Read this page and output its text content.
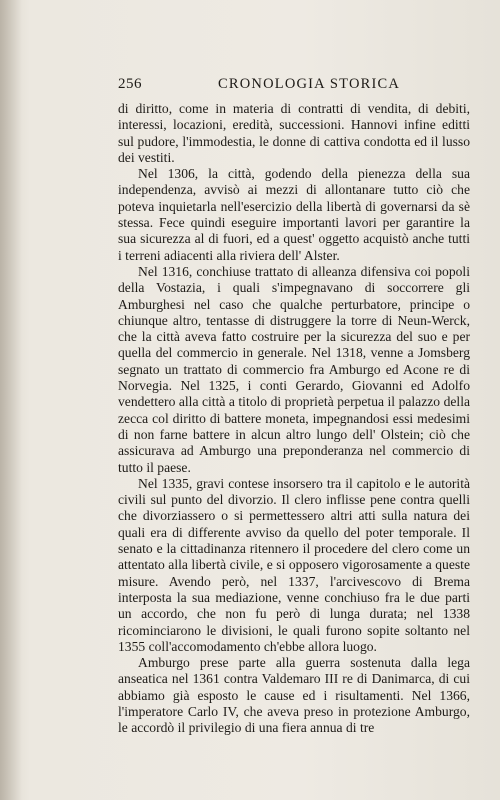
256	CRONOLOGIA STORICA

di diritto, come in materia di contratti di vendita, di debiti, interessi, locazioni, eredità, successioni. Hannovi infine editti sul pudore, l'immodestia, le donne di cattiva condotta ed il lusso dei vestiti.

Nel 1306, la città, godendo della pienezza della sua independenza, avvisò ai mezzi di allontanare tutto ciò che poteva inquietarla nell'esercizio della libertà di governarsi da sè stessa. Fece quindi eseguire importanti lavori per garantire la sua sicurezza al di fuori, ed a quest' oggetto acquistò anche tutti i terreni adiacenti alla riviera dell' Alster.

Nel 1316, conchiuse trattato di alleanza difensiva coi popoli della Vostazia, i quali s'impegnavano di soccorrere gli Amburghesi nel caso che qualche perturbatore, principe o chiunque altro, tentasse di distruggere la torre di Neun-Werck, che la città aveva fatto costruire per la sicurezza del suo e per quella del commercio in generale. Nel 1318, venne a Jomsberg segnato un trattato di commercio fra Amburgo ed Acone re di Norvegia. Nel 1325, i conti Gerardo, Giovanni ed Adolfo vendettero alla città a titolo di proprietà perpetua il palazzo della zecca col diritto di battere moneta, impegnandosi essi medesimi di non farne battere in alcun altro lungo dell' Olstein; ciò che assicurava ad Amburgo una preponderanza nel commercio di tutto il paese.

Nel 1335, gravi contese insorsero tra il capitolo e le autorità civili sul punto del divorzio. Il clero inflisse pene contra quelli che divorziassero o si permettessero altri atti sulla natura dei quali era di differente avviso da quello del poter temporale. Il senato e la cittadinanza ritennero il procedere del clero come un attentato alla libertà civile, e si opposero vigorosamente a queste misure. Avendo però, nel 1337, l'arcivescovo di Brema interposta la sua mediazione, venne conchiuso fra le due parti un accordo, che non fu però di lunga durata; nel 1338 ricominciarono le divisioni, le quali furono sopite soltanto nel 1355 coll'accomodamento ch'ebbe allora luogo.

Amburgo prese parte alla guerra sostenuta dalla lega anseatica nel 1361 contra Valdemaro III re di Danimarca, di cui abbiamo già esposto le cause ed i risultamenti. Nel 1366, l'imperatore Carlo IV, che aveva preso in protezione Amburgo, le accordò il privilegio di una fiera annua di tre
